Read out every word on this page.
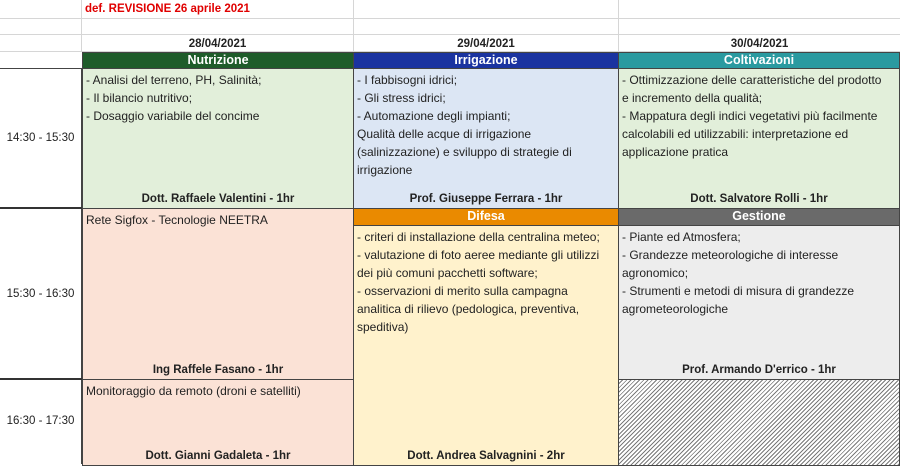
def. REVISIONE 26 aprile 2021
28/04/2021	29/04/2021	30/04/2021
14:30 - 15:30
15:30 - 16:30
16:30 - 17:30
Nutrizione
- Analisi del terreno, PH, Salinità;
- Il bilancio nutritivo;
- Dosaggio variabile del concime
Dott. Raffaele Valentini - 1hr
Irrigazione
- I fabbisogni idrici;
- Gli stress idrici;
- Automazione degli impianti;
Qualità delle acque di irrigazione
(salinizzazione) e sviluppo di strategie di
irrigazione
Prof. Giuseppe Ferrara - 1hr
Coltivazioni
- Ottimizzazione delle caratteristiche del prodotto
e incremento della qualità;
- Mappatura degli indici vegetativi più facilmente
calcolabili ed utilizzabili: interpretazione ed
applicazione pratica
Dott. Salvatore Rolli - 1hr
Rete Sigfox - Tecnologie NEETRA
Ing Raffele Fasano - 1hr
Difesa
- criteri di installazione della centralina meteo;
- valutazione di foto aeree mediante gli utilizzi
dei più comuni pacchetti software;
- osservazioni di merito sulla campagna
analitica di rilievo (pedologica, preventiva,
speditiva)
Dott. Andrea Salvagnini - 2hr
Gestione
- Piante ed Atmosfera;
- Grandezze meteorologiche di interesse
agronomico;
- Strumenti e metodi di misura di grandezze
agrometeorologiche
Prof. Armando D'errico - 1hr
Monitoraggio da remoto (droni e satelliti)
Dott. Gianni Gadaleta - 1hr
